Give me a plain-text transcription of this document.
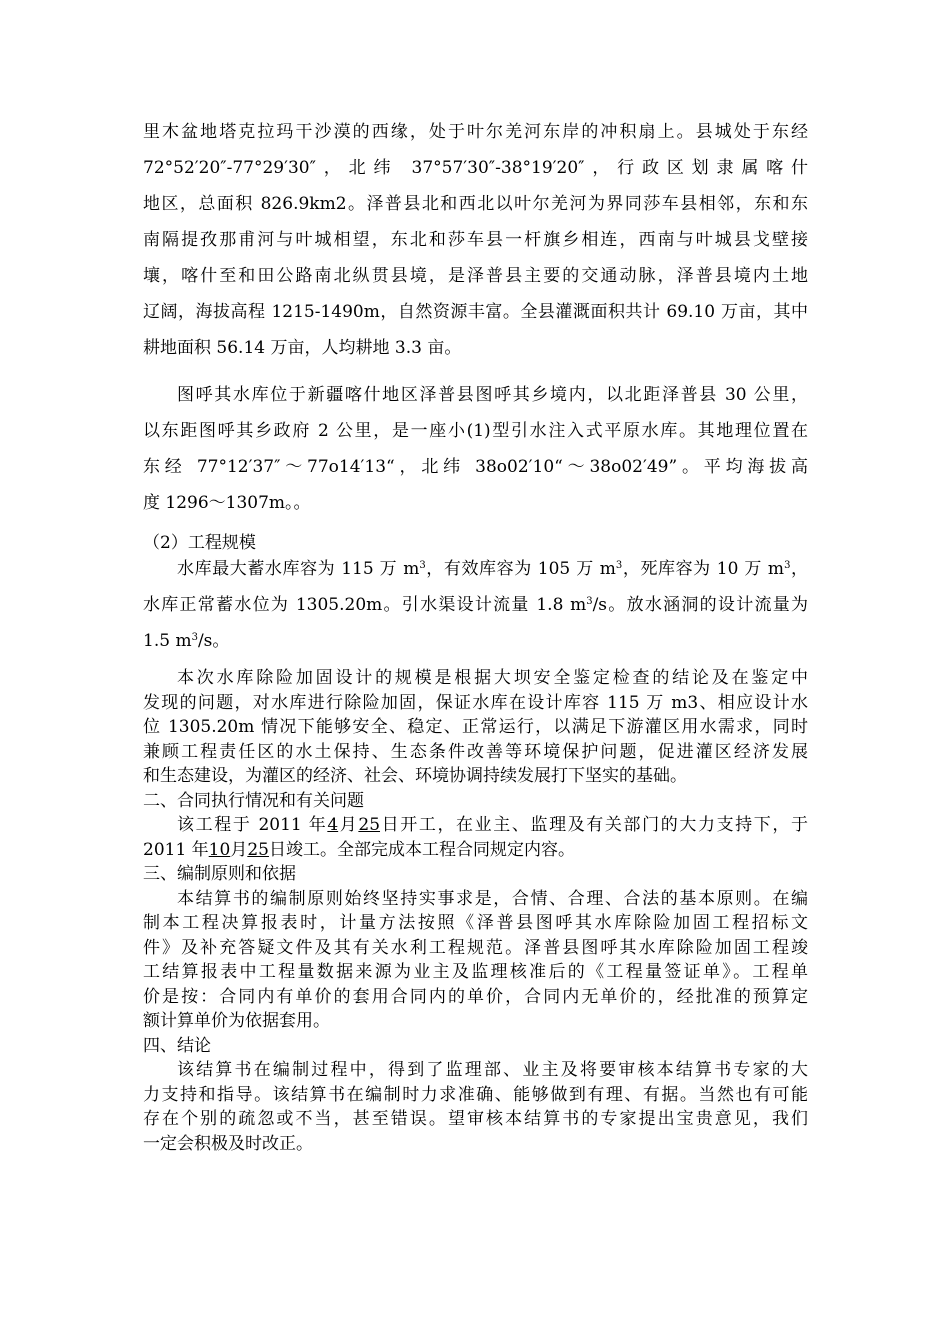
里木盆地塔克拉玛干沙漠的西缘，处于叶尔羌河东岸的冲积扇上。县城处于东经
72°52′20″-77°29′30″，北纬 37°57′30″-38°19′20″，行政区划隶属喀什
地区，总面积 826.9km2。泽普县北和西北以叶尔羌河为界同莎车县相邻，东和东
南隔提孜那甫河与叶城相望，东北和莎车县一杆旗乡相连，西南与叶城县戈壁接
壤，喀什至和田公路南北纵贯县境，是泽普县主要的交通动脉，泽普县境内土地
辽阔，海拔高程 1215-1490m，自然资源丰富。全县灌溉面积共计 69.10 万亩，其中
耕地面积 56.14 万亩，人均耕地 3.3 亩。
图呼其水库位于新疆喀什地区泽普县图呼其乡境内，以北距泽普县 30 公里，
以东距图呼其乡政府 2 公里，是一座小(1)型引水注入式平原水库。其地理位置在
东经 77°12′37″～77o14′13“，北纬 38o02′10“～38o02′49”。平均海拔高
度 1296～1307m。。
（2）工程规模
水库最大蓄水库容为 115 万 $m^3$，有效库容为 105 万 $m^3$，死库容为 10 万 $m^3$，
水库正常蓄水位为 1305.20m。引水渠设计流量 1.8 $m^3/s$。放水涵洞的设计流量为
1.5 $m^3/s$。
本次水库除险加固设计的规模是根据大坝安全鉴定检查的结论及在鉴定中
发现的问题，对水库进行除险加固，保证水库在设计库容 115 万 m3、相应设计水
位 1305.20m 情况下能够安全、稳定、正常运行，以满足下游灌区用水需求，同时
兼顾工程责任区的水土保持、生态条件改善等环境保护问题，促进灌区经济发展
和生态建设，为灌区的经济、社会、环境协调持续发展打下坚实的基础。
二、合同执行情况和有关问题
该工程于 2011 年4月25日开工，在业主、监理及有关部门的大力支持下，于
2011 年10月25日竣工。全部完成本工程合同规定内容。
三、编制原则和依据
本结算书的编制原则始终坚持实事求是，合情、合理、合法的基本原则。在编
制本工程决算报表时，计量方法按照《泽普县图呼其水库除险加固工程招标文
件》及补充答疑文件及其有关水利工程规范。泽普县图呼其水库除险加固工程竣
工结算报表中工程量数据来源为业主及监理核准后的《工程量签证单》。工程单
价是按：合同内有单价的套用合同内的单价，合同内无单价的，经批准的预算定
额计算单价为依据套用。
四、结论
该结算书在编制过程中，得到了监理部、业主及将要审核本结算书专家的大
力支持和指导。该结算书在编制时力求准确、能够做到有理、有据。当然也有可能
存在个别的疏忽或不当，甚至错误。望审核本结算书的专家提出宝贵意见，我们
一定会积极及时改正。
